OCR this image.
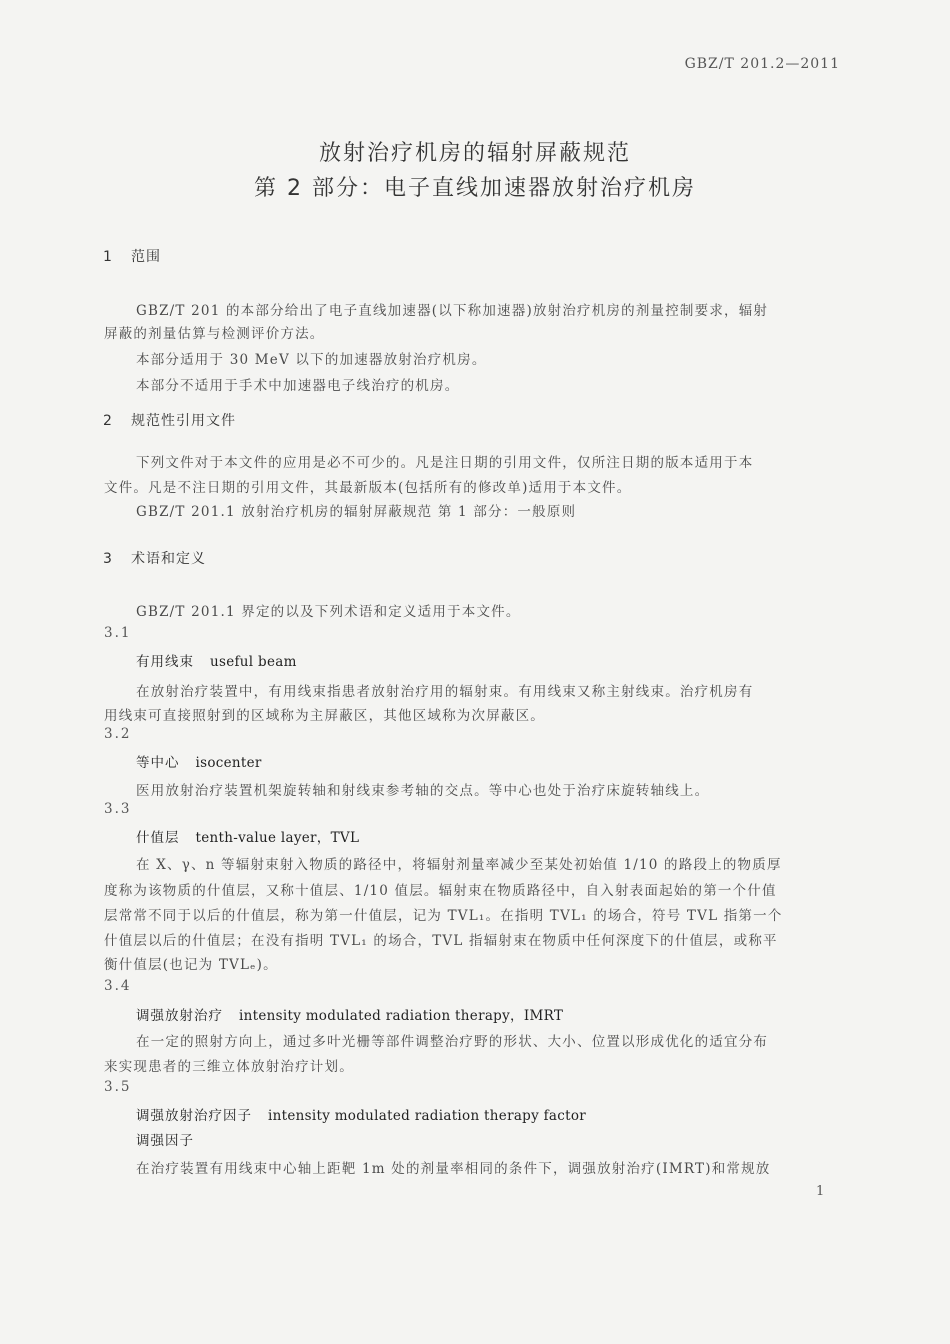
GBZ/T 201.2—2011
放射治疗机房的辐射屏蔽规范
第 2 部分：电子直线加速器放射治疗机房
1 范围
GBZ/T 201 的本部分给出了电子直线加速器(以下称加速器)放射治疗机房的剂量控制要求，辐射
屏蔽的剂量估算与检测评价方法。
本部分适用于 30 MeV 以下的加速器放射治疗机房。
本部分不适用于手术中加速器电子线治疗的机房。
2 规范性引用文件
下列文件对于本文件的应用是必不可少的。凡是注日期的引用文件，仅所注日期的版本适用于本
文件。凡是不注日期的引用文件，其最新版本(包括所有的修改单)适用于本文件。
GBZ/T 201.1 放射治疗机房的辐射屏蔽规范 第 1 部分：一般原则
3 术语和定义
GBZ/T 201.1 界定的以及下列术语和定义适用于本文件。
3.1
有用线束 useful beam
在放射治疗装置中，有用线束指患者放射治疗用的辐射束。有用线束又称主射线束。治疗机房有
用线束可直接照射到的区域称为主屏蔽区，其他区域称为次屏蔽区。
3.2
等中心 isocenter
医用放射治疗装置机架旋转轴和射线束参考轴的交点。等中心也处于治疗床旋转轴线上。
3.3
什值层 tenth-value layer，TVL
在 X、γ、n 等辐射束射入物质的路径中，将辐射剂量率减少至某处初始值 1/10 的路段上的物质厚
度称为该物质的什值层，又称十值层、1/10 值层。辐射束在物质路径中，自入射表面起始的第一个什值
层常常不同于以后的什值层，称为第一什值层，记为 TVL₁。在指明 TVL₁ 的场合，符号 TVL 指第一个
什值层以后的什值层；在没有指明 TVL₁ 的场合，TVL 指辐射束在物质中任何深度下的什值层，或称平
衡什值层(也记为 TVLₑ)。
3.4
调强放射治疗 intensity modulated radiation therapy，IMRT
在一定的照射方向上，通过多叶光栅等部件调整治疗野的形状、大小、位置以形成优化的适宜分布
来实现患者的三维立体放射治疗计划。
3.5
调强放射治疗因子 intensity modulated radiation therapy factor
调强因子
在治疗装置有用线束中心轴上距靶 1m 处的剂量率相同的条件下，调强放射治疗(IMRT)和常规放
1
